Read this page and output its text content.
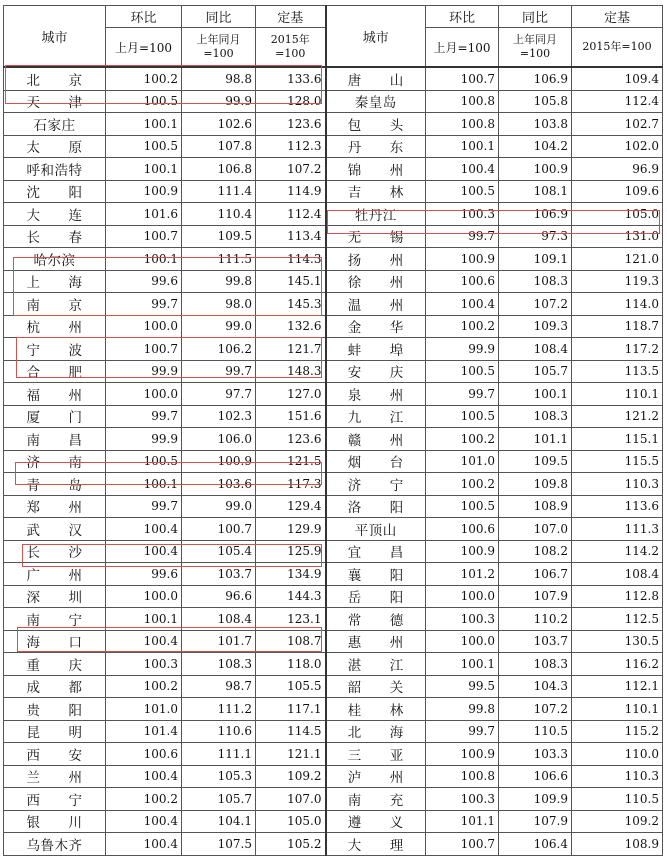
城市	环比	同比	定基	城市	环比	同比	定基
	上月=100	上年同月=100	2015年=100		上月=100	上年同月=100	2015年=100
北　　京	100.2	98.8	133.6	唐　　山	100.7	106.9	109.4
天　　津	100.5	99.9	128.0	秦皇岛	100.8	105.8	112.4
石家庄	100.1	102.6	123.6	包　　头	100.8	103.8	102.7
太　　原	100.5	107.8	112.3	丹　　东	100.1	104.2	102.0
呼和浩特	100.1	106.8	107.2	锦　　州	100.4	100.9	96.9
沈　　阳	100.9	111.4	114.9	吉　　林	100.5	108.1	109.6
大　　连	101.6	110.4	112.4	牡丹江	100.3	106.9	105.0
长　　春	100.7	109.5	113.4	无　　锡	99.7	97.3	131.0
哈尔滨	100.1	111.5	114.3	扬　　州	100.9	109.1	121.0
上　　海	99.6	99.8	145.1	徐　　州	100.6	108.3	119.3
南　　京	99.7	98.0	145.3	温　　州	100.4	107.2	114.0
杭　　州	100.0	99.0	132.6	金　　华	100.2	109.3	118.7
宁　　波	100.7	106.2	121.7	蚌　　埠	99.9	108.4	117.2
合　　肥	99.9	99.7	148.3	安　　庆	100.5	105.7	113.5
福　　州	100.0	97.7	127.0	泉　　州	99.7	100.1	110.1
厦　　门	99.7	102.3	151.6	九　　江	100.5	108.3	121.2
南　　昌	99.9	106.0	123.6	赣　　州	100.2	101.1	115.1
济　　南	100.5	100.9	121.5	烟　　台	101.0	109.5	115.5
青　　岛	100.1	103.6	117.3	济　　宁	100.2	109.8	110.3
郑　　州	99.7	99.0	129.4	洛　　阳	100.5	108.9	113.6
武　　汉	100.4	100.7	129.9	平顶山	100.6	107.0	111.3
长　　沙	100.4	105.4	125.9	宜　　昌	100.9	108.2	114.2
广　　州	99.6	103.7	134.9	襄　　阳	101.2	106.7	108.4
深　　圳	100.0	96.6	144.3	岳　　阳	100.0	107.9	112.8
南　　宁	100.1	108.4	123.1	常　　德	100.3	110.2	112.5
海　　口	100.4	101.7	108.7	惠　　州	100.0	103.7	130.5
重　　庆	100.3	108.3	118.0	湛　　江	100.1	108.3	116.2
成　　都	100.2	98.7	105.5	韶　　关	99.5	104.3	112.1
贵　　阳	101.0	111.2	117.1	桂　　林	99.8	107.2	110.1
昆　　明	101.4	110.6	114.5	北　　海	99.7	110.5	115.2
西　　安	100.6	111.1	121.1	三　　亚	100.9	103.3	110.0
兰　　州	100.4	105.3	109.2	泸　　州	100.8	106.6	110.3
西　　宁	100.2	105.7	107.0	南　　充	100.3	109.9	110.5
银　　川	100.4	104.1	105.0	遵　　义	101.1	107.9	109.2
乌鲁木齐	100.4	107.5	105.2	大　　理	100.7	106.4	108.9
